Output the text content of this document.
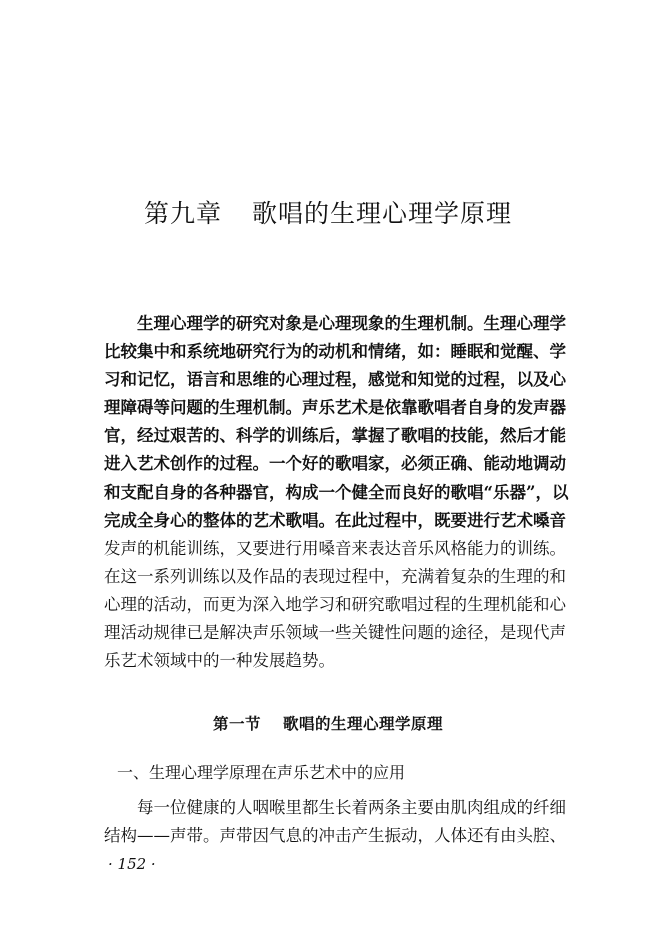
第九章 歌唱的生理心理学原理
生理心理学的研究对象是心理现象的生理机制。生理心理学
比较集中和系统地研究行为的动机和情绪，如：睡眠和觉醒、学
习和记忆，语言和思维的心理过程，感觉和知觉的过程，以及心
理障碍等问题的生理机制。声乐艺术是依靠歌唱者自身的发声器
官，经过艰苦的、科学的训练后，掌握了歌唱的技能，然后才能
进入艺术创作的过程。一个好的歌唱家，必须正确、能动地调动
和支配自身的各种器官，构成一个健全而良好的歌唱“乐器”，以
完成全身心的整体的艺术歌唱。在此过程中，既要进行艺术嗓音
发声的机能训练，又要进行用嗓音来表达音乐风格能力的训练。
在这一系列训练以及作品的表现过程中，充满着复杂的生理的和
心理的活动，而更为深入地学习和研究歌唱过程的生理机能和心
理活动规律已是解决声乐领域一些关键性问题的途径，是现代声
乐艺术领域中的一种发展趋势。
第一节 歌唱的生理心理学原理

一、生理心理学原理在声乐艺术中的应用

每一位健康的人咽喉里都生长着两条主要由肌肉组成的纤细
结构——声带。声带因气息的冲击产生振动，人体还有由头腔、

· 152 ·
